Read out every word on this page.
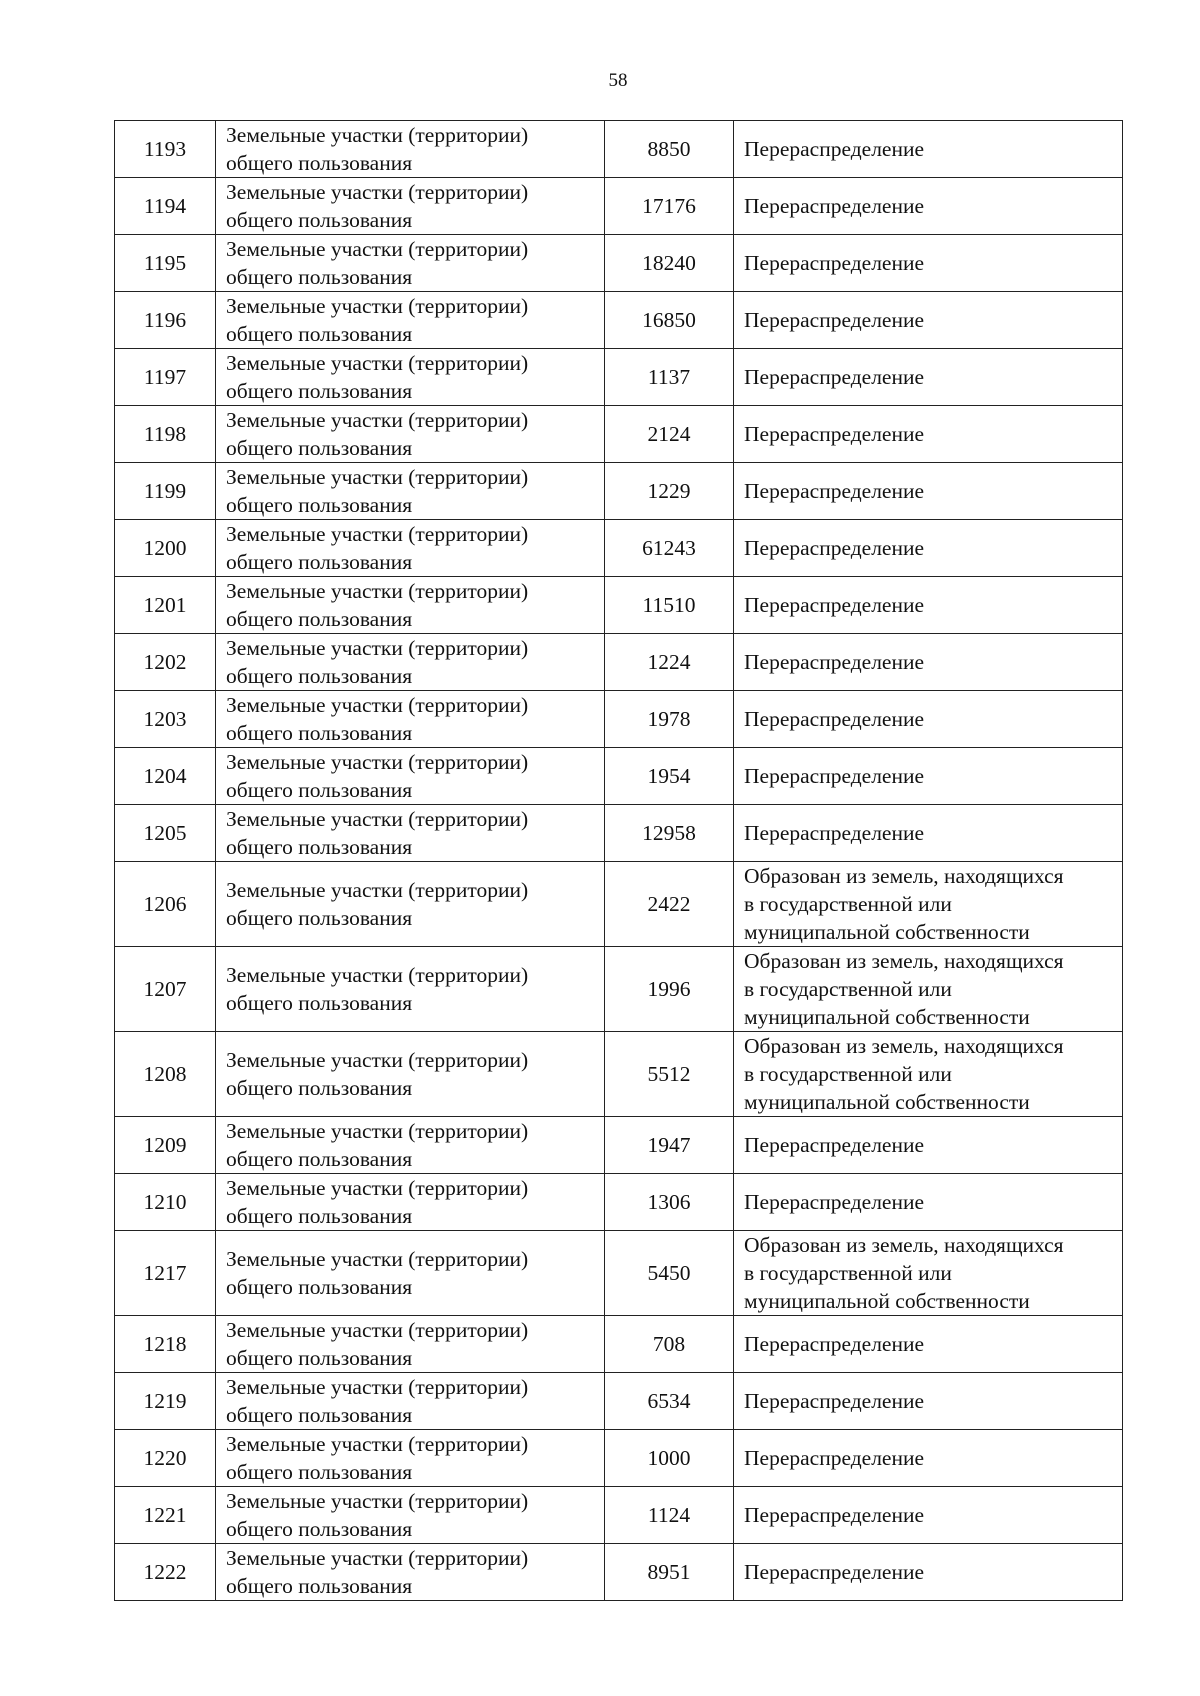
58
1193	Земельные участки (территории)
общего пользования	8850	Перераспределение

1194	Земельные участки (территории)
общего пользования	17176	Перераспределение

1195	Земельные участки (территории)
общего пользования	18240	Перераспределение

1196	Земельные участки (территории)
общего пользования	16850	Перераспределение

1197	Земельные участки (территории)
общего пользования	1137	Перераспределение

1198	Земельные участки (территории)
общего пользования	2124	Перераспределение

1199	Земельные участки (территории)
общего пользования	1229	Перераспределение

1200	Земельные участки (территории)
общего пользования	61243	Перераспределение

1201	Земельные участки (территории)
общего пользования	11510	Перераспределение

1202	Земельные участки (территории)
общего пользования	1224	Перераспределение

1203	Земельные участки (территории)
общего пользования	1978	Перераспределение

1204	Земельные участки (территории)
общего пользования	1954	Перераспределение

1205	Земельные участки (территории)
общего пользования	12958	Перераспределение

1206	Земельные участки (территории)
общего пользования	2422	Образован из земель, находящихся
в государственной или
муниципальной собственности

1207	Земельные участки (территории)
общего пользования	1996	Образован из земель, находящихся
в государственной или
муниципальной собственности

1208	Земельные участки (территории)
общего пользования	5512	Образован из земель, находящихся
в государственной или
муниципальной собственности

1209	Земельные участки (территории)
общего пользования	1947	Перераспределение

1210	Земельные участки (территории)
общего пользования	1306	Перераспределение

1217	Земельные участки (территории)
общего пользования	5450	Образован из земель, находящихся
в государственной или
муниципальной собственности

1218	Земельные участки (территории)
общего пользования	708	Перераспределение

1219	Земельные участки (территории)
общего пользования	6534	Перераспределение

1220	Земельные участки (территории)
общего пользования	1000	Перераспределение

1221	Земельные участки (территории)
общего пользования	1124	Перераспределение

1222	Земельные участки (территории)
общего пользования	8951	Перераспределение
